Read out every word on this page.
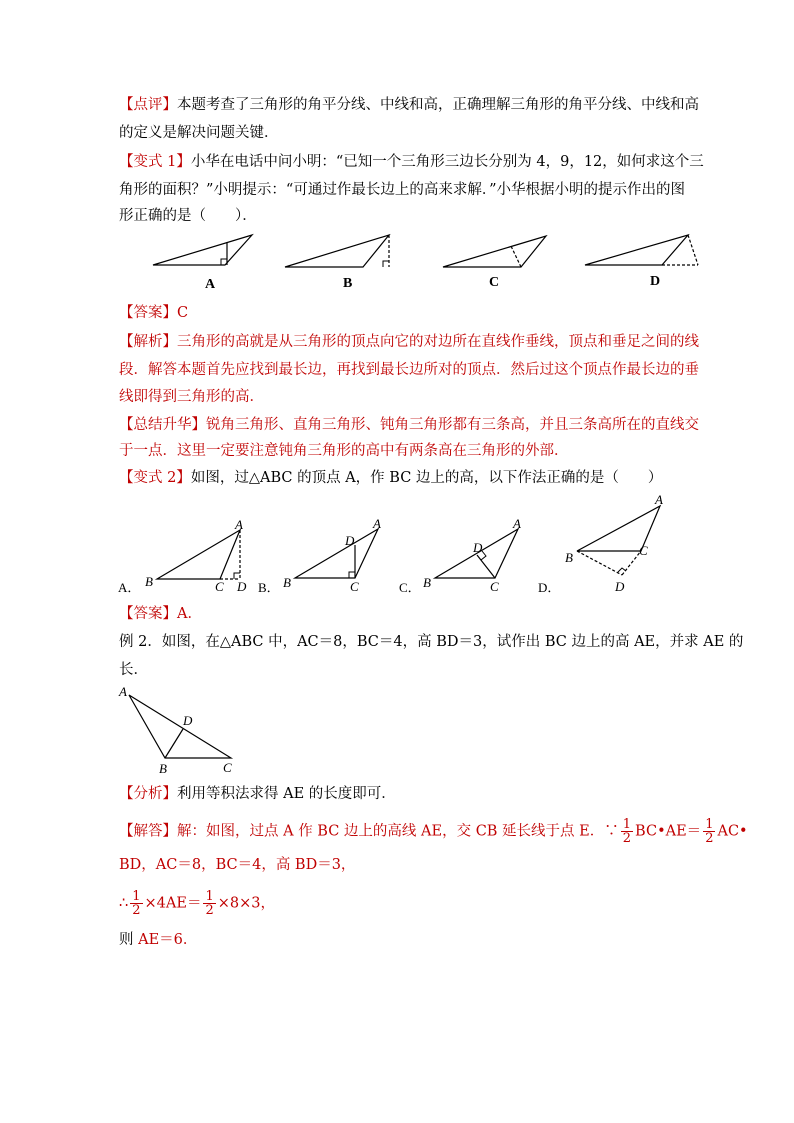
【点评】本题考查了三角形的角平分线、中线和高，正确理解三角形的角平分线、中线和高
的定义是解决问题关键．
【变式 1】小华在电话中问小明：“已知一个三角形三边长分别为 4，9，12，如何求这个三
角形的面积？”小明提示：“可通过作最长边上的高来求解．”小华根据小明的提示作出的图
形正确的是（　　）．
A	B	C	D
【答案】C
【解析】三角形的高就是从三角形的顶点向它的对边所在直线作垂线，顶点和垂足之间的线
段．解答本题首先应找到最长边，再找到最长边所对的顶点．然后过这个顶点作最长边的垂
线即得到三角形的高．
【总结升华】锐角三角形、直角三角形、钝角三角形都有三条高，并且三条高所在的直线交
于一点．这里一定要注意钝角三角形的高中有两条高在三角形的外部．
【变式 2】如图，过△ABC 的顶点 A，作 BC 边上的高，以下作法正确的是（　　）
A．	B．	C．	D．
A
B	C D
A
B	C
D
A
B	C
D
A
B	C
D
【答案】A．
例 2．如图，在△ABC 中，AC＝8，BC＝4，高 BD＝3，试作出 BC 边上的高 AE，并求 AE 的
长．
A
D
B	C
【分析】利用等积法求得 AE 的长度即可．
【解答】解：如图，过点 A 作 BC 边上的高线 AE，交 CB 延长线于点 E．∵ $\frac{1}{2}$ BC•AE＝ $\frac{1}{2}$ AC•
BD，AC＝8，BC＝4，高 BD＝3，
∴ $\frac{1}{2} \times 4AE= \frac{1}{2} \times 8\times 3$，
则 AE＝6．
